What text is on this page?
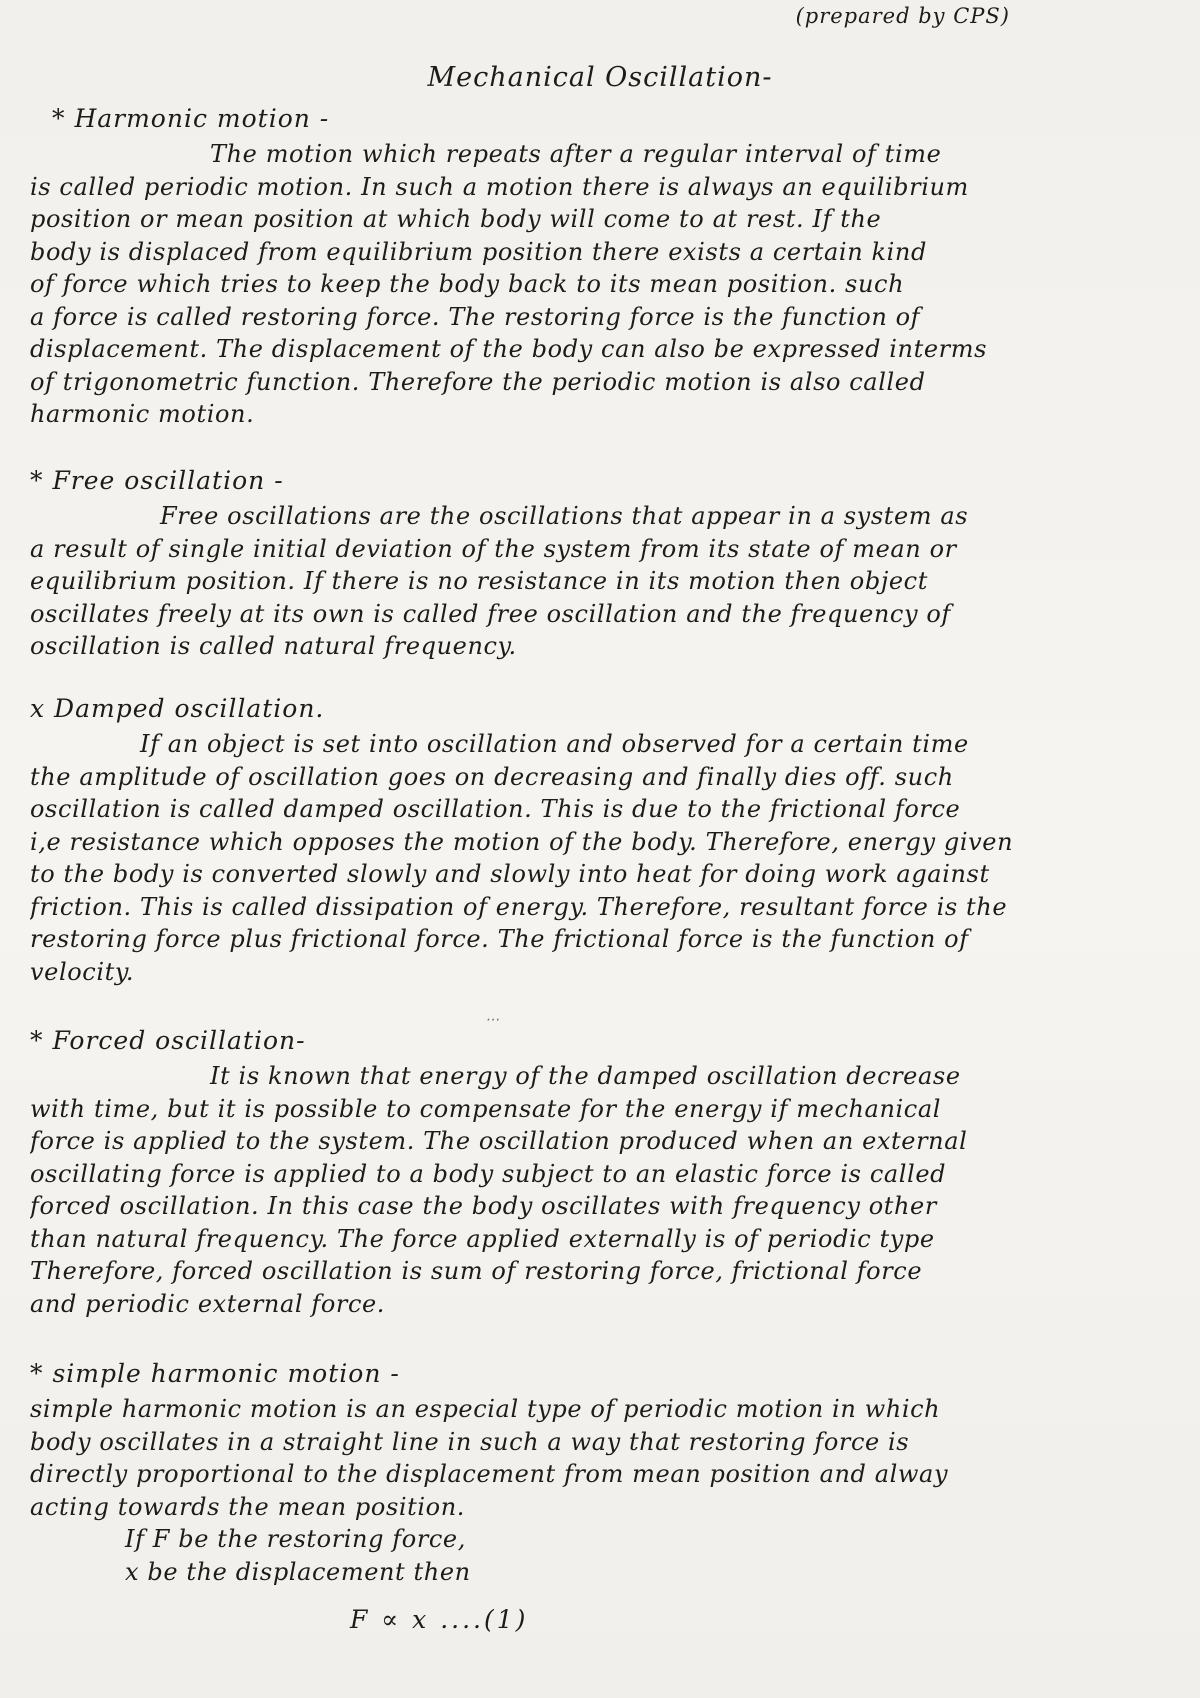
(prepared by CPS)
Mechanical Oscillation-
* Harmonic motion -
The motion which repeats after a regular interval of time
is called periodic motion. In such a motion there is always an equilibrium
position or mean position at which body will come to at rest. If the
body is displaced from equilibrium position there exists a certain kind
of force which tries to keep the body back to its mean position. such
a force is called restoring force. The restoring force is the function of
displacement. The displacement of the body can also be expressed interms
of trigonometric function. Therefore the periodic motion is also called
harmonic motion.
* Free oscillation -
Free oscillations are the oscillations that appear in a system as
a result of single initial deviation of the system from its state of mean or
equilibrium position. If there is no resistance in its motion then object
oscillates freely at its own is called free oscillation and the frequency of
oscillation is called natural frequency.
x Damped oscillation.
If an object is set into oscillation and observed for a certain time
the amplitude of oscillation goes on decreasing and finally dies off. such
oscillation is called damped oscillation. This is due to the frictional force
i,e resistance which opposes the motion of the body. Therefore, energy given
to the body is converted slowly and slowly into heat for doing work against
friction. This is called dissipation of energy. Therefore, resultant force is the
restoring force plus frictional force. The frictional force is the function of
velocity.
⋯
* Forced oscillation-
It is known that energy of the damped oscillation decrease
with time, but it is possible to compensate for the energy if mechanical
force is applied to the system. The oscillation produced when an external
oscillating force is applied to a body subject to an elastic force is called
forced oscillation. In this case the body oscillates with frequency other
than natural frequency. The force applied externally is of periodic type
Therefore, forced oscillation is sum of restoring force, frictional force
and periodic external force.
* simple harmonic motion -
simple harmonic motion is an especial type of periodic motion in which
body oscillates in a straight line in such a way that restoring force is
directly proportional to the displacement from mean position and alway
acting towards the mean position.
If F be the restoring force,
x be the displacement then
F ∝ x ....(1)
